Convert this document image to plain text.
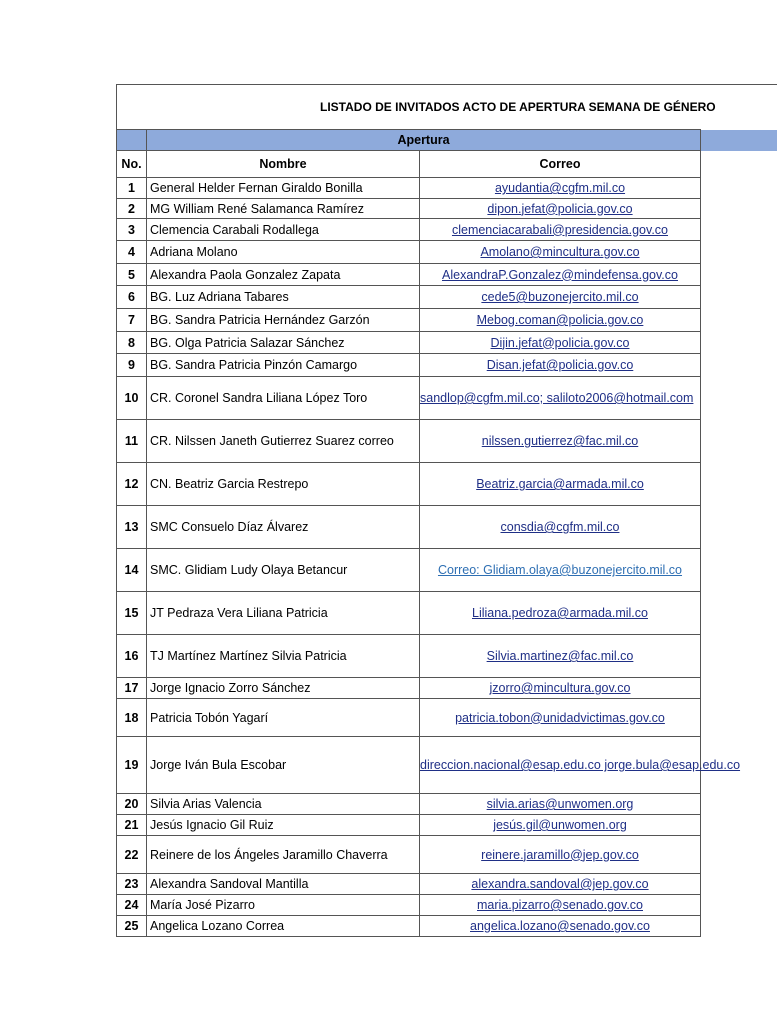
LISTADO DE INVITADOS ACTO DE APERTURA SEMANA DE GÉNERO			
	Apertura		
No.	Nombre	Correo	
1	General Helder Fernan Giraldo Bonilla	ayudantia@cgfm.mil.co	
2	MG William René Salamanca Ramírez	dipon.jefat@policia.gov.co	
3	Clemencia Carabali Rodallega	clemenciacarabali@presidencia.gov.co	
4	Adriana Molano	Amolano@mincultura.gov.co	
5	Alexandra Paola Gonzalez Zapata	AlexandraP.Gonzalez@mindefensa.gov.co	
6	BG. Luz Adriana Tabares	cede5@buzonejercito.mil.co	
7	BG. Sandra Patricia Hernández Garzón	Mebog.coman@policia.gov.co	
8	BG. Olga Patricia Salazar Sánchez	Dijin.jefat@policia.gov.co	
9	BG. Sandra Patricia Pinzón Camargo	Disan.jefat@policia.gov.co	
10	CR. Coronel Sandra Liliana López Toro	sandlop@cgfm.mil.co; saliloto2006@hotmail.com	
11	CR. Nilssen Janeth Gutierrez Suarez correo	nilssen.gutierrez@fac.mil.co	
12	CN. Beatriz Garcia Restrepo	Beatriz.garcia@armada.mil.co	
13	SMC Consuelo Díaz Álvarez	consdia@cgfm.mil.co	
14	SMC. Glidiam Ludy Olaya Betancur	Correo: Glidiam.olaya@buzonejercito.mil.co	
15	JT Pedraza Vera Liliana Patricia	Liliana.pedroza@armada.mil.co	
16	TJ Martínez Martínez Silvia Patricia	Silvia.martinez@fac.mil.co	
17	Jorge Ignacio Zorro Sánchez	jzorro@mincultura.gov.co	
18	Patricia Tobón Yagarí	patricia.tobon@unidadvictimas.gov.co	
19	Jorge Iván Bula Escobar	direccion.nacional@esap.edu.co jorge.bula@esap.edu.co	
20	Silvia Arias Valencia	silvia.arias@unwomen.org	
21	Jesús Ignacio Gil Ruiz	jesús.gil@unwomen.org	
22	Reinere de los Ángeles Jaramillo Chaverra	reinere.jaramillo@jep.gov.co	
23	Alexandra Sandoval Mantilla	alexandra.sandoval@jep.gov.co	
24	María José Pizarro	maria.pizarro@senado.gov.co	
25	Angelica Lozano Correa	angelica.lozano@senado.gov.co	
